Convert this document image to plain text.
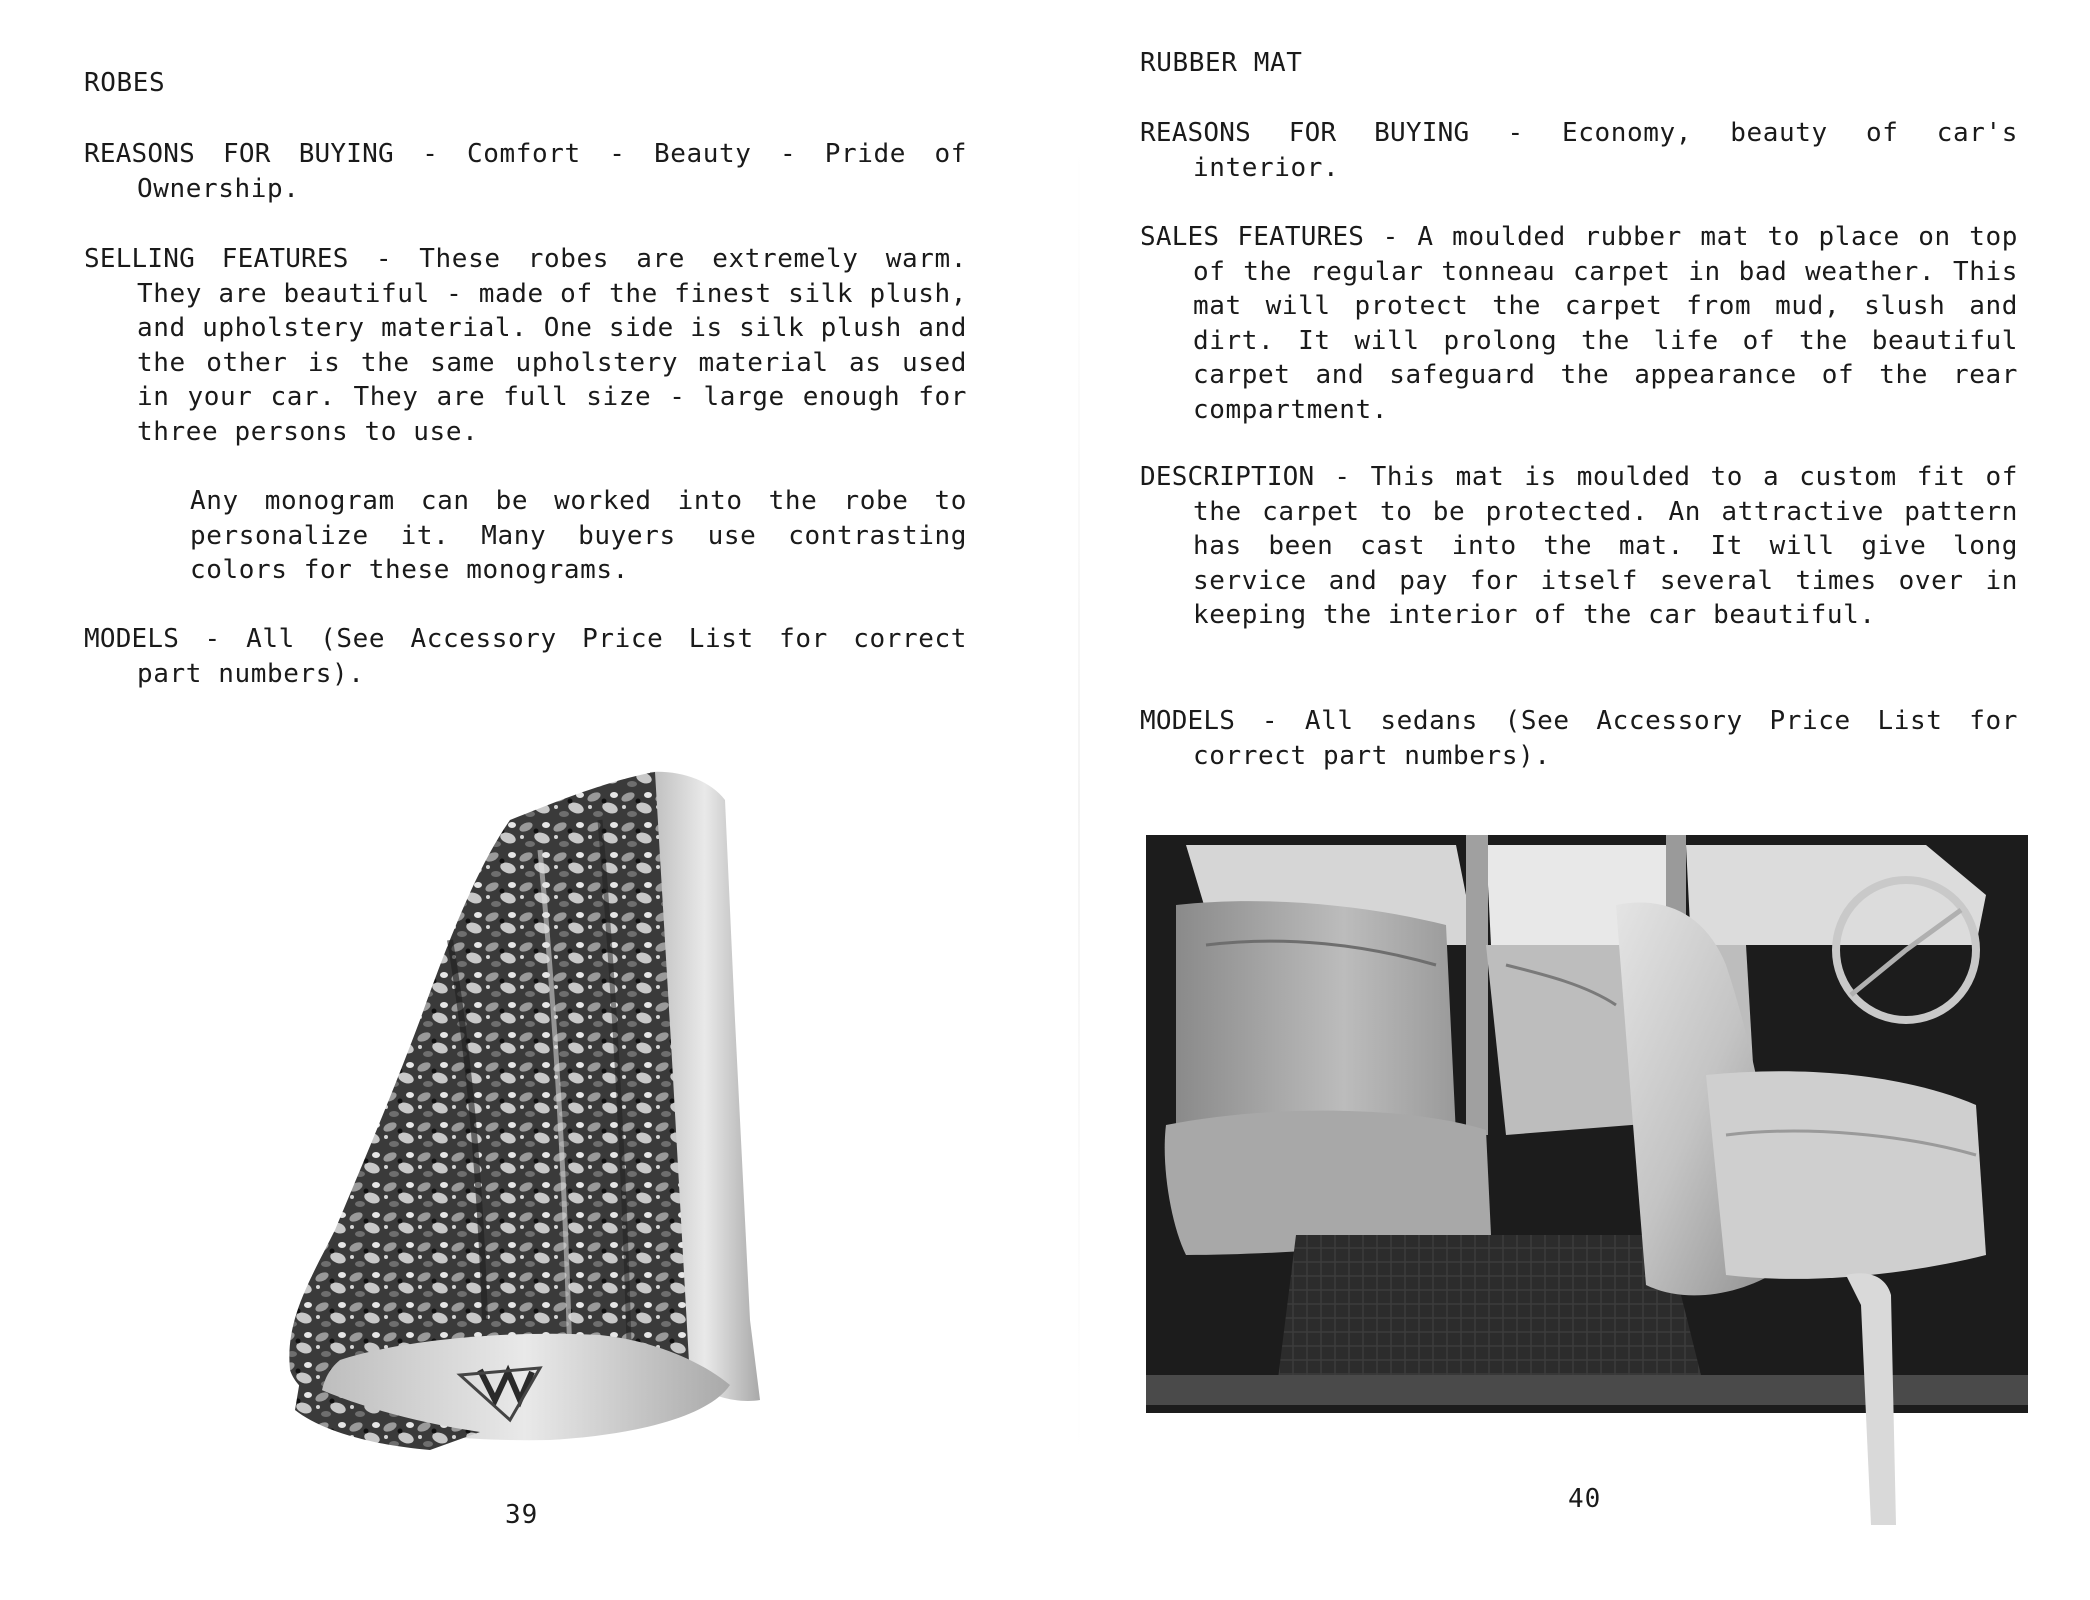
ROBES

REASONS FOR BUYING - Comfort - Beauty - Pride of Ownership.

SELLING FEATURES - These robes are extremely warm. They are beautiful - made of the finest silk plush, and upholstery material. One side is silk plush and the other is the same upholstery material as used in your car. They are full size - large enough for three persons to use.

Any monogram can be worked into the robe to personalize it. Many buyers use contrasting colors for these monograms.

MODELS - All (See Accessory Price List for correct part numbers).

39
RUBBER MAT

REASONS FOR BUYING - Economy, beauty of car's interior.

SALES FEATURES - A moulded rubber mat to place on top of the regular tonneau carpet in bad weather. This mat will protect the carpet from mud, slush and dirt. It will prolong the life of the beautiful carpet and safeguard the appearance of the rear compartment.

DESCRIPTION - This mat is moulded to a custom fit of the carpet to be protected. An attractive pattern has been cast into the mat. It will give long service and pay for itself several times over in keeping the interior of the car beautiful.

MODELS - All sedans (See Accessory Price List for correct part numbers).

40
